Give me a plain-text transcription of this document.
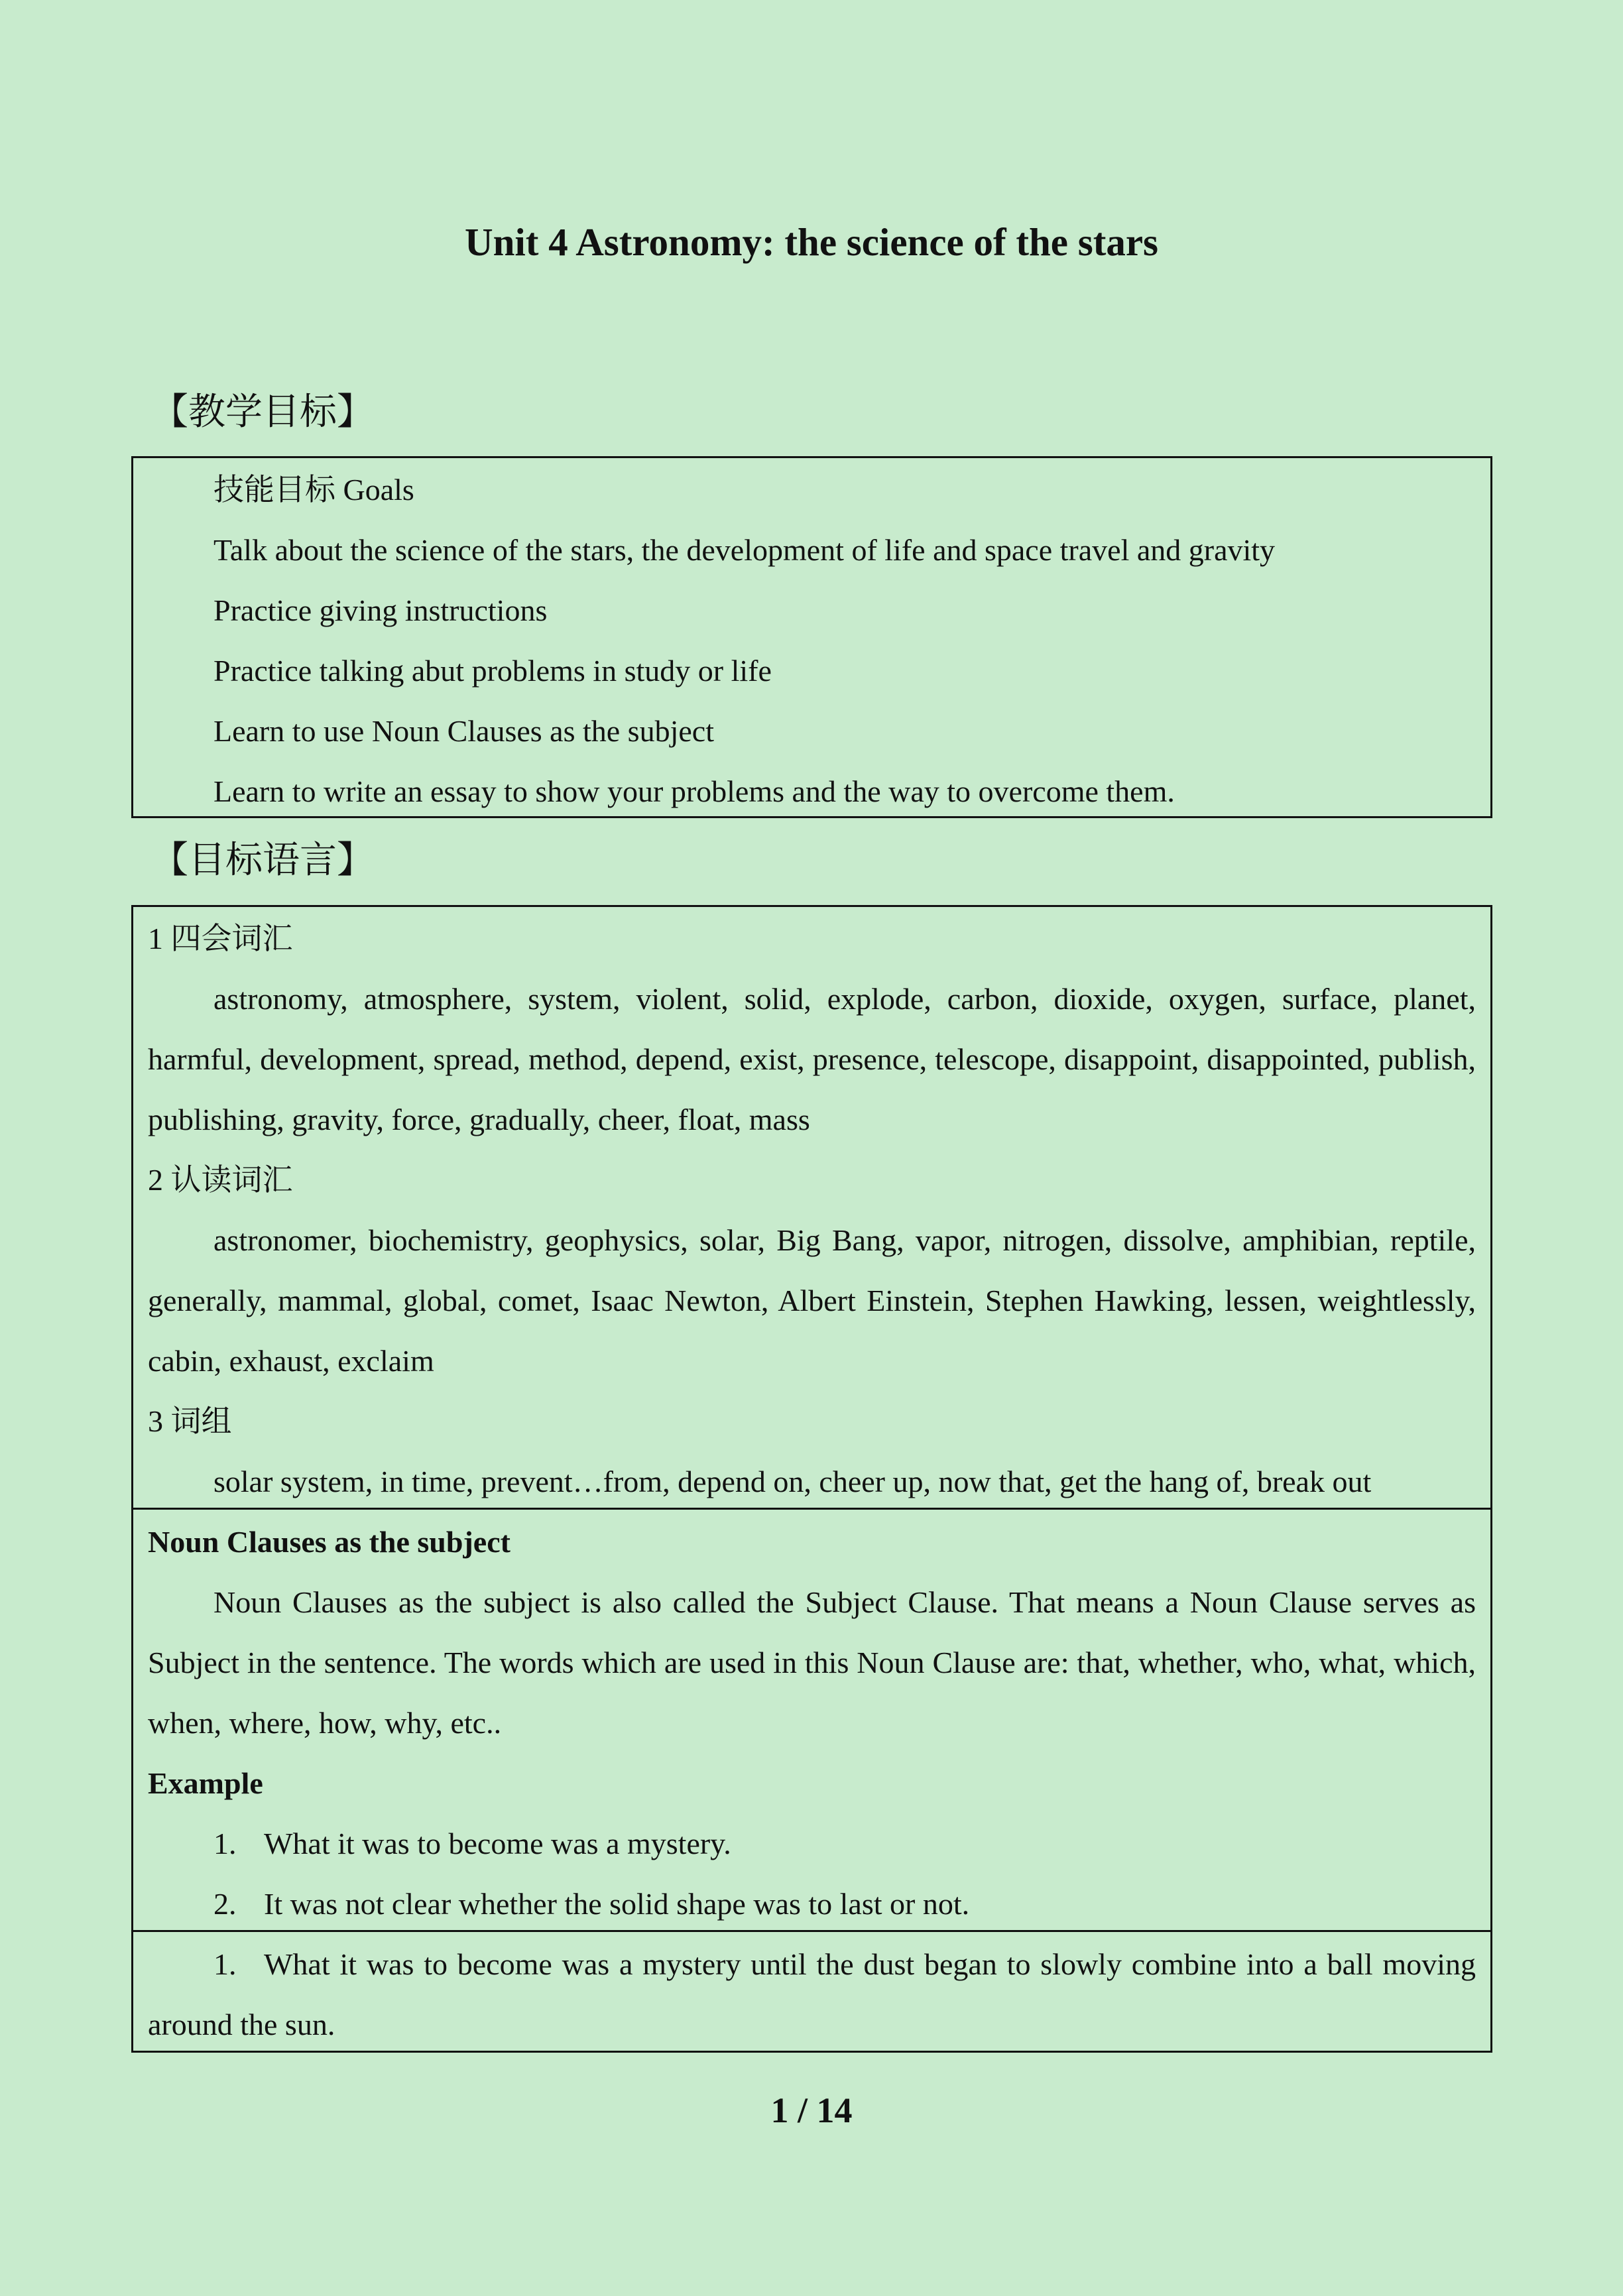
Unit 4 Astronomy: the science of the stars
【教学目标】
技能目标 Goals
Talk about the science of the stars, the development of life and space travel and gravity
Practice giving instructions
Practice talking abut problems in study or life
Learn to use Noun Clauses as the subject
Learn to write an essay to show your problems and the way to overcome them.
【目标语言】
1 四会词汇

astronomy, atmosphere, system, violent, solid, explode, carbon, dioxide, oxygen, surface, planet, harmful, development, spread, method, depend, exist, presence, telescope, disappoint, disappointed, publish, publishing, gravity, force, gradually, cheer, float, mass

2 认读词汇

astronomer, biochemistry, geophysics, solar, Big Bang, vapor, nitrogen, dissolve, amphibian, reptile, generally, mammal, global, comet, Isaac Newton, Albert Einstein, Stephen Hawking, lessen, weightlessly, cabin, exhaust, exclaim

3 词组

solar system, in time, prevent…from, depend on, cheer up, now that, get the hang of, break out

Noun Clauses as the subject

Noun Clauses as the subject is also called the Subject Clause. That means a Noun Clause serves as Subject in the sentence. The words which are used in this Noun Clause are: that, whether, who, what, which, when, where, how, why, etc..

Example
1. What it was to become was a mystery.
2. It was not clear whether the solid shape was to last or not.

1. What it was to become was a mystery until the dust began to slowly combine into a ball moving around the sun.

1 / 14
